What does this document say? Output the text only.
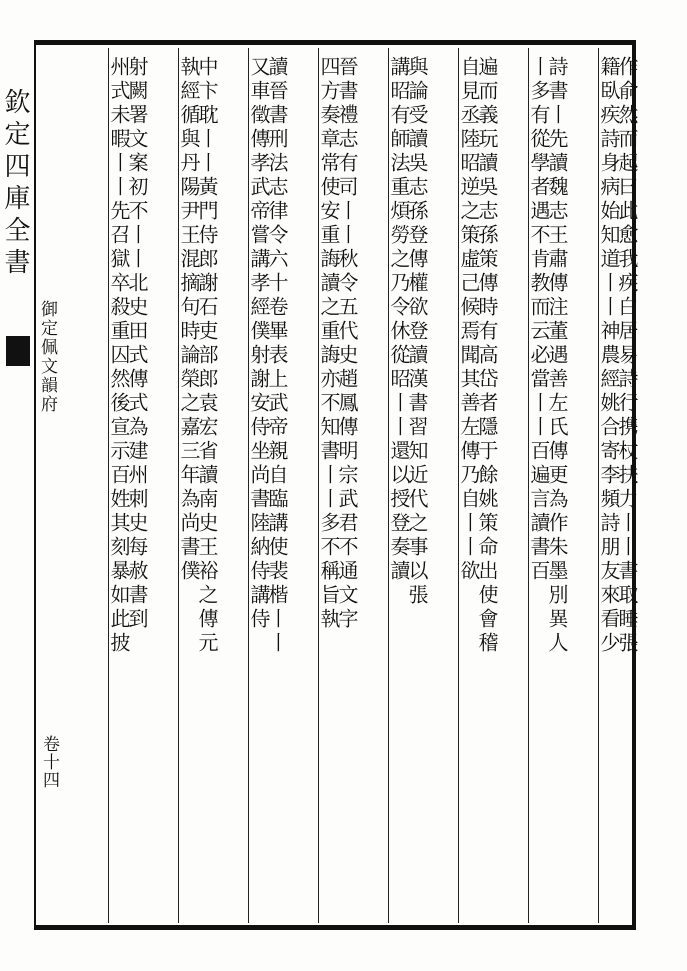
欽定四庫全書
御定佩文韻府
卷十四
作俞然而起曰此愈我疾白居易詩行携杖扶力丨丨書取睡張
籍臥疾詩身病始知道丨丨神農經姚合寄李頻詩朋友來看少
詩書丨先讀魏志王肅傳注董遇善左氏傳更為作朱墨別異人
丨多有從學者遇不肯教而云必當丨丨百遍言讀書百
遍而義玩讀吳志孫策傳時有高岱者隱于餘姚策命出使會稽
自見丞陸昭逆之策虛己候焉聞其善左傳乃自丨丨欲
與論受讀吳志孫登傳權欲登讀漢書習知近代之事以張
講昭有師法重煩勞之乃令休從昭丨丨還以授登奏讀
晉書禮志有司丨丨秋令五代史趙鳳傳明宗武君不通文字
四方奏章常使安重誨讀之重誨亦不知書丨丨多不稱旨執
讀晉書刑法志律令六十卷畢表上武帝親自臨講使裴楷丨丨
又車徵傳孝武帝嘗講孝經僕射謝安侍坐尚書陸納侍講侍
中卞耽丨丨黃門侍郎謝石吏部郎袁宏省讀南史王裕之傳元
執經循與丹陽尹王混摘句時論榮之嘉三年為尚書僕
射闕署文案初不丨丨北史田式傳式為建州刺史每赦書到
州式未暇丨丨先召獄卒殺重囚然後宣示百姓其刻暴如此披
